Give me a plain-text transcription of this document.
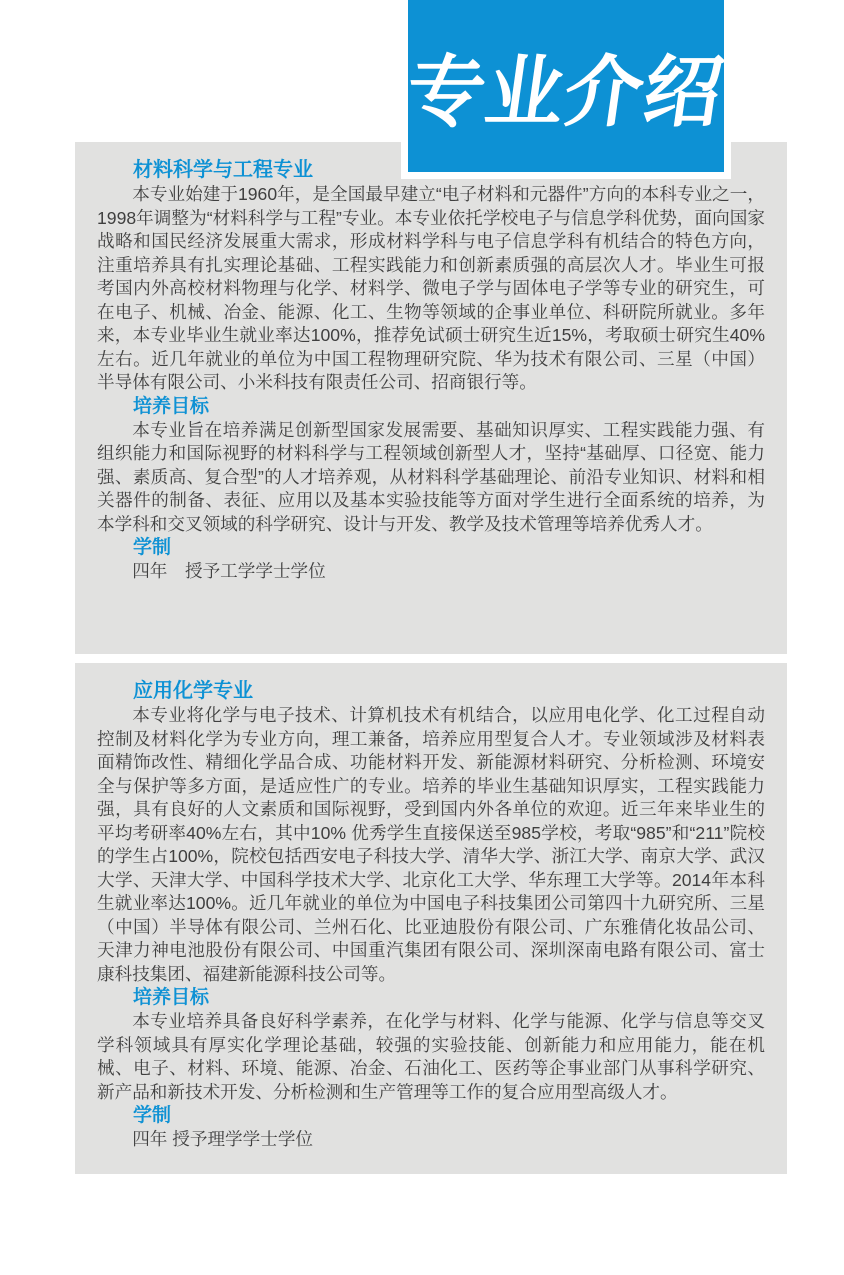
专业介绍
材料科学与工程专业

本专业始建于1960年，是全国最早建立“电子材料和元器件”方向的本科专业之一，1998年调整为“材料科学与工程”专业。本专业依托学校电子与信息学科优势，面向国家战略和国民经济发展重大需求，形成材料学科与电子信息学科有机结合的特色方向，注重培养具有扎实理论基础、工程实践能力和创新素质强的高层次人才。毕业生可报考国内外高校材料物理与化学、材料学、微电子学与固体电子学等专业的研究生，可在电子、机械、冶金、能源、化工、生物等领域的企事业单位、科研院所就业。多年来，本专业毕业生就业率达100%，推荐免试硕士研究生近15%，考取硕士研究生40%左右。近几年就业的单位为中国工程物理研究院、华为技术有限公司、三星（中国）半导体有限公司、小米科技有限责任公司、招商银行等。

培养目标

本专业旨在培养满足创新型国家发展需要、基础知识厚实、工程实践能力强、有组织能力和国际视野的材料科学与工程领域创新型人才，坚持“基础厚、口径宽、能力强、素质高、复合型”的人才培养观，从材料科学基础理论、前沿专业知识、材料和相关器件的制备、表征、应用以及基本实验技能等方面对学生进行全面系统的培养，为本学科和交叉领域的科学研究、设计与开发、教学及技术管理等培养优秀人才。

学制

四年　授予工学学士学位

应用化学专业

本专业将化学与电子技术、计算机技术有机结合，以应用电化学、化工过程自动控制及材料化学为专业方向，理工兼备，培养应用型复合人才。专业领域涉及材料表面精饰改性、精细化学品合成、功能材料开发、新能源材料研究、分析检测、环境安全与保护等多方面，是适应性广的专业。培养的毕业生基础知识厚实，工程实践能力强，具有良好的人文素质和国际视野，受到国内外各单位的欢迎。近三年来毕业生的平均考研率40%左右，其中10% 优秀学生直接保送至985学校，考取“985”和“211”院校的学生占100%，院校包括西安电子科技大学、清华大学、浙江大学、南京大学、武汉大学、天津大学、中国科学技术大学、北京化工大学、华东理工大学等。2014年本科生就业率达100%。近几年就业的单位为中国电子科技集团公司第四十九研究所、三星（中国）半导体有限公司、兰州石化、比亚迪股份有限公司、广东雅倩化妆品公司、天津力神电池股份有限公司、中国重汽集团有限公司、深圳深南电路有限公司、富士康科技集团、福建新能源科技公司等。

培养目标

本专业培养具备良好科学素养，在化学与材料、化学与能源、化学与信息等交叉学科领域具有厚实化学理论基础，较强的实验技能、创新能力和应用能力，能在机械、电子、材料、环境、能源、冶金、石油化工、医药等企事业部门从事科学研究、新产品和新技术开发、分析检测和生产管理等工作的复合应用型高级人才。

学制

四年 授予理学学士学位
